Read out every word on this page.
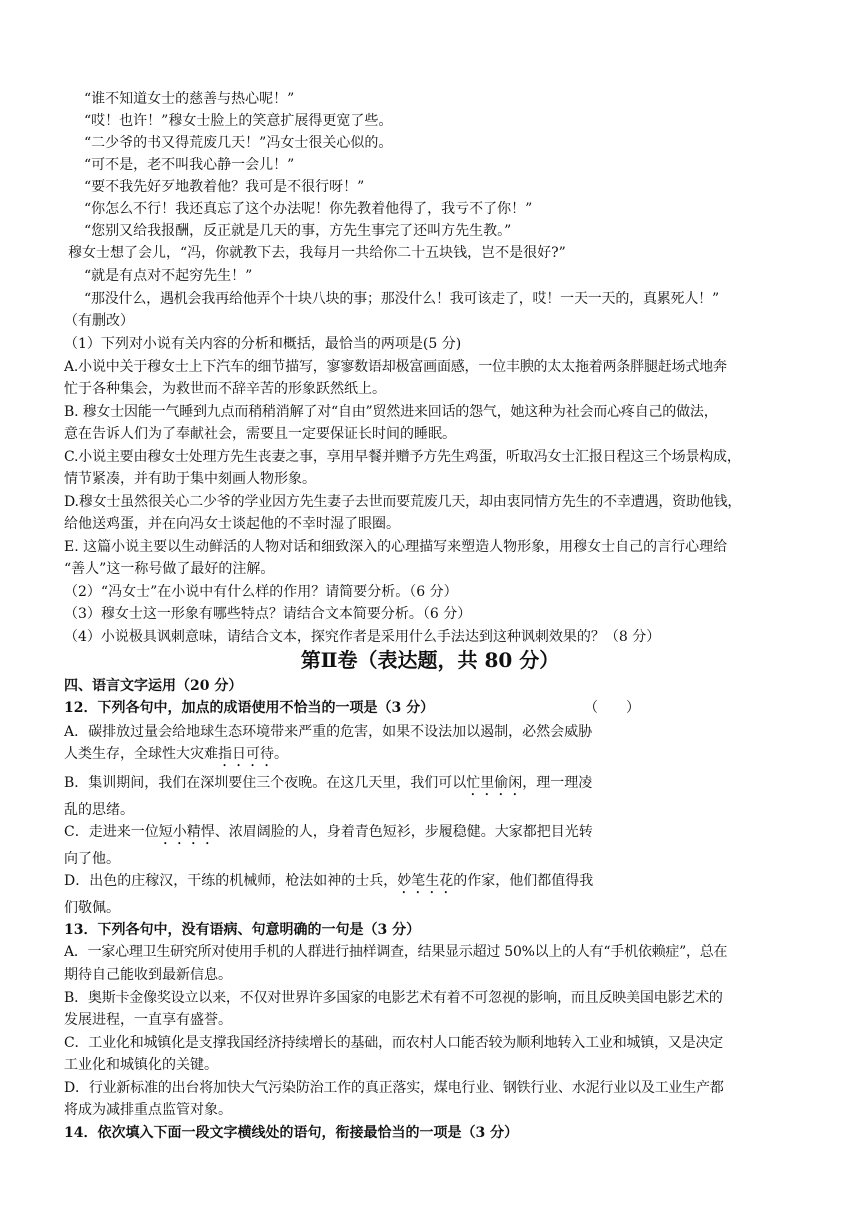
“谁不知道女士的慈善与热心呢！”
“哎！也许！”穆女士脸上的笑意扩展得更宽了些。
“二少爷的书又得荒废几天！”冯女士很关心似的。
“可不是，老不叫我心静一会儿！”
“要不我先好歹地教着他？我可是不很行呀！”
“你怎么不行！我还真忘了这个办法呢！你先教着他得了，我亏不了你！”
“您别又给我报酬，反正就是几天的事，方先生事完了还叫方先生教。”
穆女士想了会儿，“冯，你就教下去，我每月一共给你二十五块钱，岂不是很好?”
“就是有点对不起穷先生！”
“那没什么，遇机会我再给他弄个十块八块的事；那没什么！我可该走了，哎！一天一天的，真累死人！”
（有删改）
（1）下列对小说有关内容的分析和概括，最恰当的两项是(5 分)
A.小说中关于穆女士上下汽车的细节描写，寥寥数语却极富画面感，一位丰腴的太太拖着两条胖腿赶场式地奔
忙于各种集会，为救世而不辞辛苦的形象跃然纸上。
B. 穆女士因能一气睡到九点而稍稍消解了对“自由”贸然进来回话的怨气，她这种为社会而心疼自己的做法，
意在告诉人们为了奉献社会，需要且一定要保证长时间的睡眠。
C.小说主要由穆女士处理方先生丧妻之事，享用早餐并赠予方先生鸡蛋，听取冯女士汇报日程这三个场景构成，
情节紧凑，并有助于集中刻画人物形象。
D.穆女士虽然很关心二少爷的学业因方先生妻子去世而要荒废几天，却由衷同情方先生的不幸遭遇，资助他钱，
给他送鸡蛋，并在向冯女士谈起他的不幸时湿了眼圈。
E. 这篇小说主要以生动鲜活的人物对话和细致深入的心理描写来塑造人物形象，用穆女士自己的言行心理给
“善人”这一称号做了最好的注解。
（2）“冯女士”在小说中有什么样的作用？请简要分析。（6 分）
（3）穆女士这一形象有哪些特点？请结合文本简要分析。（6 分）
（4）小说极具讽刺意味，请结合文本，探究作者是采用什么手法达到这种讽刺效果的？（8 分）
第Ⅱ卷（表达题，共 80 分）
四、语言文字运用（20 分）
12．下列各句中，加点的成语使用不恰当的一项是（3 分）	（　　）
A．碳排放过量会给地球生态环境带来严重的危害，如果不设法加以遏制，必然会威胁
人类生存，全球性大灾难指日可待。
B．集训期间，我们在深圳要住三个夜晚。在这几天里，我们可以忙里偷闲，理一理凌
乱的思绪。
C．走进来一位短小精悍、浓眉阔脸的人，身着青色短衫，步履稳健。大家都把目光转
向了他。
D．出色的庄稼汉，干练的机械师，枪法如神的士兵，妙笔生花的作家，他们都值得我
们敬佩。
13．下列各句中，没有语病、句意明确的一句是（3 分）
A．一家心理卫生研究所对使用手机的人群进行抽样调查，结果显示超过 50%以上的人有“手机依赖症”，总在
期待自己能收到最新信息。
B．奥斯卡金像奖设立以来，不仅对世界许多国家的电影艺术有着不可忽视的影响，而且反映美国电影艺术的
发展进程，一直享有盛誉。
C．工业化和城镇化是支撑我国经济持续增长的基础，而农村人口能否较为顺利地转入工业和城镇，又是决定
工业化和城镇化的关键。
D．行业新标准的出台将加快大气污染防治工作的真正落实，煤电行业、钢铁行业、水泥行业以及工业生产都
将成为减排重点监管对象。
14．依次填入下面一段文字横线处的语句，衔接最恰当的一项是（3 分）
